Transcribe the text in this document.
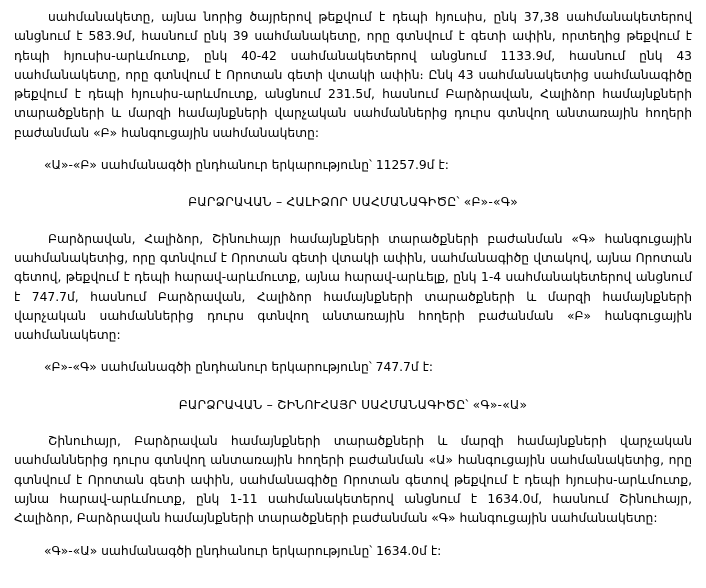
սահմանակետը, այնա նորից ծայրերով թեքվում է դեպի հյուսիս, ընկ 37,38 սահմանակետերով անցնում է 583.9մ, հասնում ընկ 39 սահմանակետը, որը գտնվում է գետի ափին, որտեղից թեքվում է դեպի հյուսիս-արևմուտք, ընկ 40-42 սահմանակետերով անցնում 1133.9մ, հասնում ընկ 43 սահմանակետը, որը գտնվում է Որոտան գետի վտակի ափին։ Ընկ 43 սահմանակետից սահմանագիծը թեքվում է դեպի հյուսիս-արևմուտք, անցնում 231.5մ, հասնում Բարձրավան, Հալիձոր համայնքների տարածքների և մարզի համայնքների վարչական սահմաններից դուրս գտնվող անտառային հողերի բաժանման «Բ» հանգուցային սահմանակետը:

«Ա»-«Բ» սահմանագծի ընդհանուր երկարությունը՝ 11257.9մ է:

ԲԱՐՁՐԱՎԱՆ – ՀԱԼԻՁՈՐ ՍԱՀՄԱՆԱԳԻԾԸ՝ «Բ»-«Գ»

Բարձրավան, Հալիձոր, Շինուհայր համայնքների տարածքների բաժանման «Գ» հանգուցային սահմանակետից, որը գտնվում է Որոտան գետի վտակի ափին, սահմանագիծը վտակով, այնա Որոտան գետով, թեքվում է դեպի հարավ-արևմուտք, այնա հարավ-արևելք, ընկ 1-4 սահմանակետերով անցնում է 747.7մ, հասնում Բարձրավան, Հալիձոր համայնքների տարածքների և մարզի համայնքների վարչական սահմաններից դուրս գտնվող անտառային հողերի բաժանման «Բ» հանգուցային սահմանակետը:

«Բ»-«Գ» սահմանագծի ընդհանուր երկարությունը՝ 747.7մ է:

ԲԱՐՁՐԱՎԱՆ – ՇԻՆՈՒՀԱՅՐ ՍԱՀՄԱՆԱԳԻԾԸ՝ «Գ»-«Ա»

Շինուհայր, Բարձրավան համայնքների տարածքների և մարզի համայնքների վարչական սահմաններից դուրս գտնվող անտառային հողերի բաժանման «Ա» հանգուցային սահմանակետից, որը գտնվում է Որոտան գետի ափին, սահմանագիծը Որոտան գետով թեքվում է դեպի հյուսիս-արևմուտք, այնա հարավ-արևմուտք, ընկ 1-11 սահմանակետերով անցնում է 1634.0մ, հասնում Շինուհայր, Հալիձոր, Բարձրավան համայնքների տարածքների բաժանման «Գ» հանգուցային սահմանակետը:

«Գ»-«Ա» սահմանագծի ընդհանուր երկարությունը՝ 1634.0մ է:
